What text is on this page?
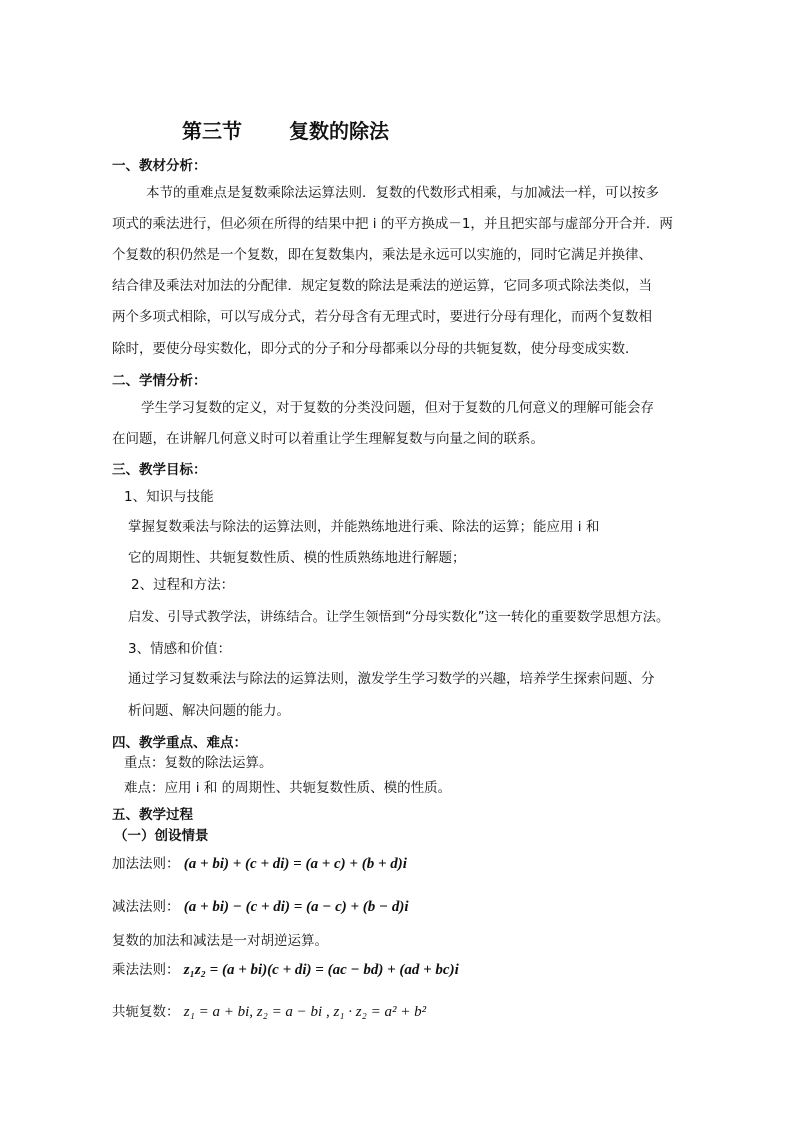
第三节 复数的除法
一、教材分析：
本节的重难点是复数乘除法运算法则．复数的代数形式相乘，与加减法一样，可以按多
项式的乘法进行，但必须在所得的结果中把 i 的平方换成－1，并且把实部与虚部分开合并．两
个复数的积仍然是一个复数，即在复数集内，乘法是永远可以实施的，同时它满足并换律、
结合律及乘法对加法的分配律．规定复数的除法是乘法的逆运算，它同多项式除法类似，当
两个多项式相除，可以写成分式，若分母含有无理式时，要进行分母有理化，而两个复数相
除时，要使分母实数化，即分式的分子和分母都乘以分母的共轭复数，使分母变成实数．
二、学情分析：
学生学习复数的定义，对于复数的分类没问题，但对于复数的几何意义的理解可能会存
在问题，在讲解几何意义时可以着重让学生理解复数与向量之间的联系。
三、教学目标：
1、知识与技能
掌握复数乘法与除法的运算法则，并能熟练地进行乘、除法的运算；能应用 i 和
它的周期性、共轭复数性质、模的性质熟练地进行解题；
2、过程和方法：
启发、引导式教学法，讲练结合。让学生领悟到“分母实数化”这一转化的重要数学思想方法。
3、情感和价值：
通过学习复数乘法与除法的运算法则，激发学生学习数学的兴趣，培养学生探索问题、分
析问题、解决问题的能力。
四、教学重点、难点：
重点：复数的除法运算。
难点：应用 i 和 的周期性、共轭复数性质、模的性质。
五、教学过程
（一）创设情景
加法法则： (a + bi) + (c + di) = (a + c) + (b + d)i
减法法则： (a + bi) − (c + di) = (a − c) + (b − d)i
复数的加法和减法是一对胡逆运算。
乘法法则： z₁z₂ = (a + bi)(c + di) = (ac − bd) + (ad + bc)i
共轭复数： z₁ = a + bi, z₂ = a − bi , z₁ · z₂ = a² + b²
